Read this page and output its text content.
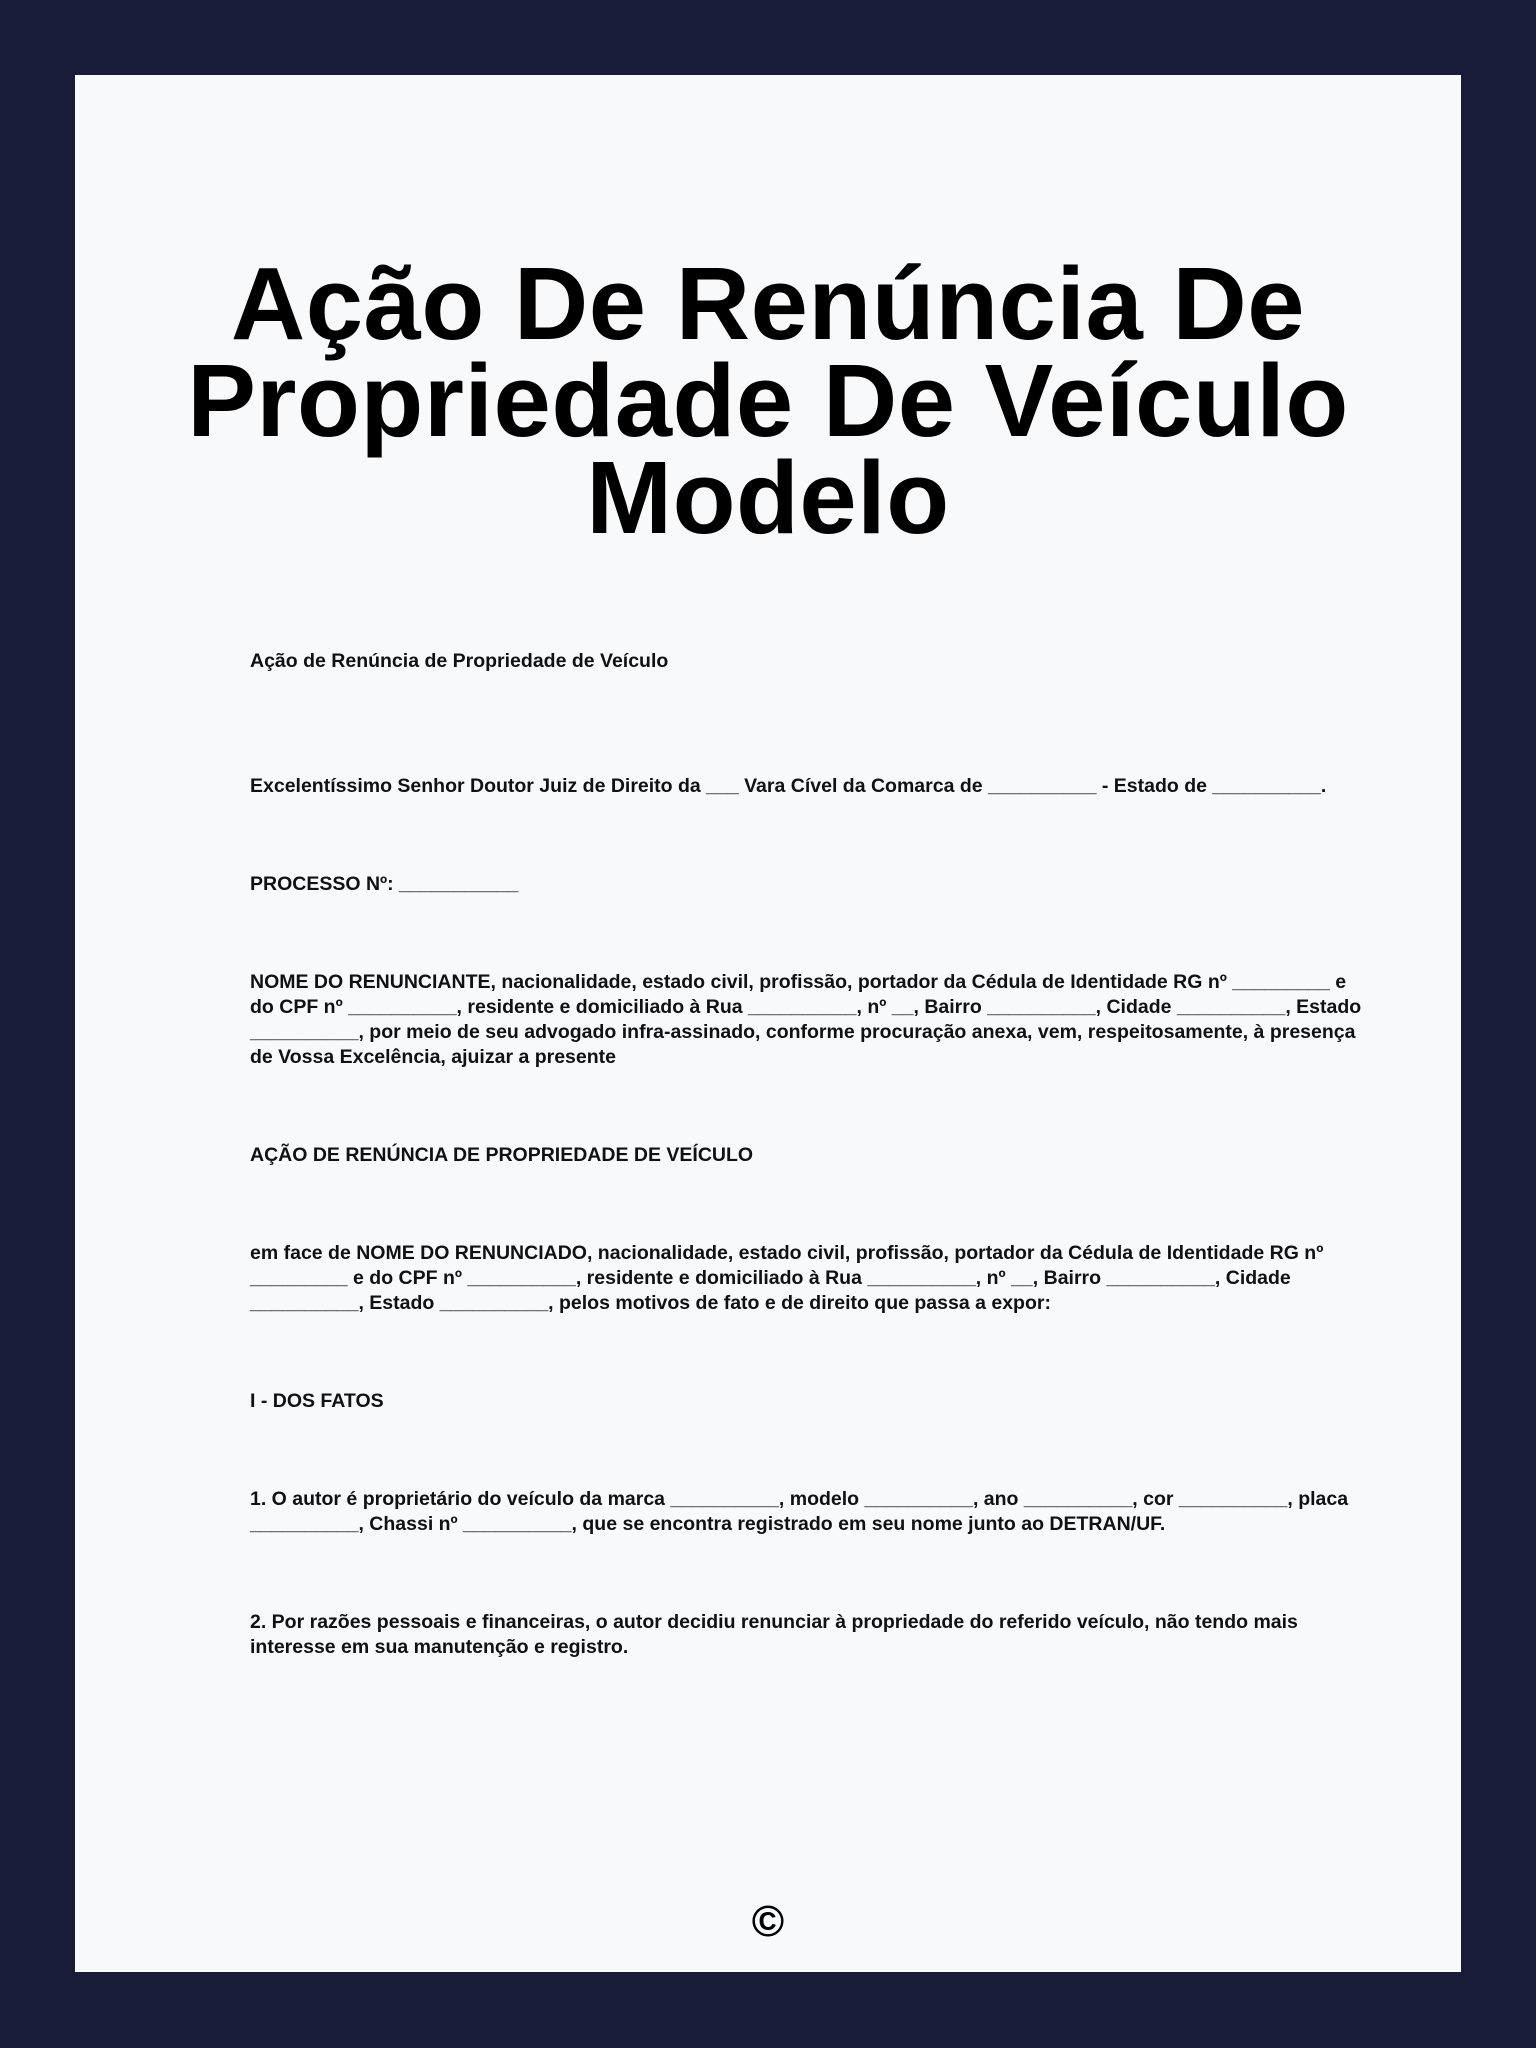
Ação De Renúncia De Propriedade De Veículo Modelo

Ação de Renúncia de Propriedade de Veículo

Excelentíssimo Senhor Doutor Juiz de Direito da ___ Vara Cível da Comarca de __________ - Estado de __________.

PROCESSO Nº: ___________

NOME DO RENUNCIANTE, nacionalidade, estado civil, profissão, portador da Cédula de Identidade RG nº _________ e do CPF nº __________, residente e domiciliado à Rua __________, nº __, Bairro __________, Cidade __________, Estado __________, por meio de seu advogado infra-assinado, conforme procuração anexa, vem, respeitosamente, à presença de Vossa Excelência, ajuizar a presente

AÇÃO DE RENÚNCIA DE PROPRIEDADE DE VEÍCULO

em face de NOME DO RENUNCIADO, nacionalidade, estado civil, profissão, portador da Cédula de Identidade RG nº _________ e do CPF nº __________, residente e domiciliado à Rua __________, nº __, Bairro __________, Cidade __________, Estado __________, pelos motivos de fato e de direito que passa a expor:

I - DOS FATOS

1. O autor é proprietário do veículo da marca __________, modelo __________, ano __________, cor __________, placa __________, Chassi nº __________, que se encontra registrado em seu nome junto ao DETRAN/UF.

2. Por razões pessoais e financeiras, o autor decidiu renunciar à propriedade do referido veículo, não tendo mais interesse em sua manutenção e registro.

©
